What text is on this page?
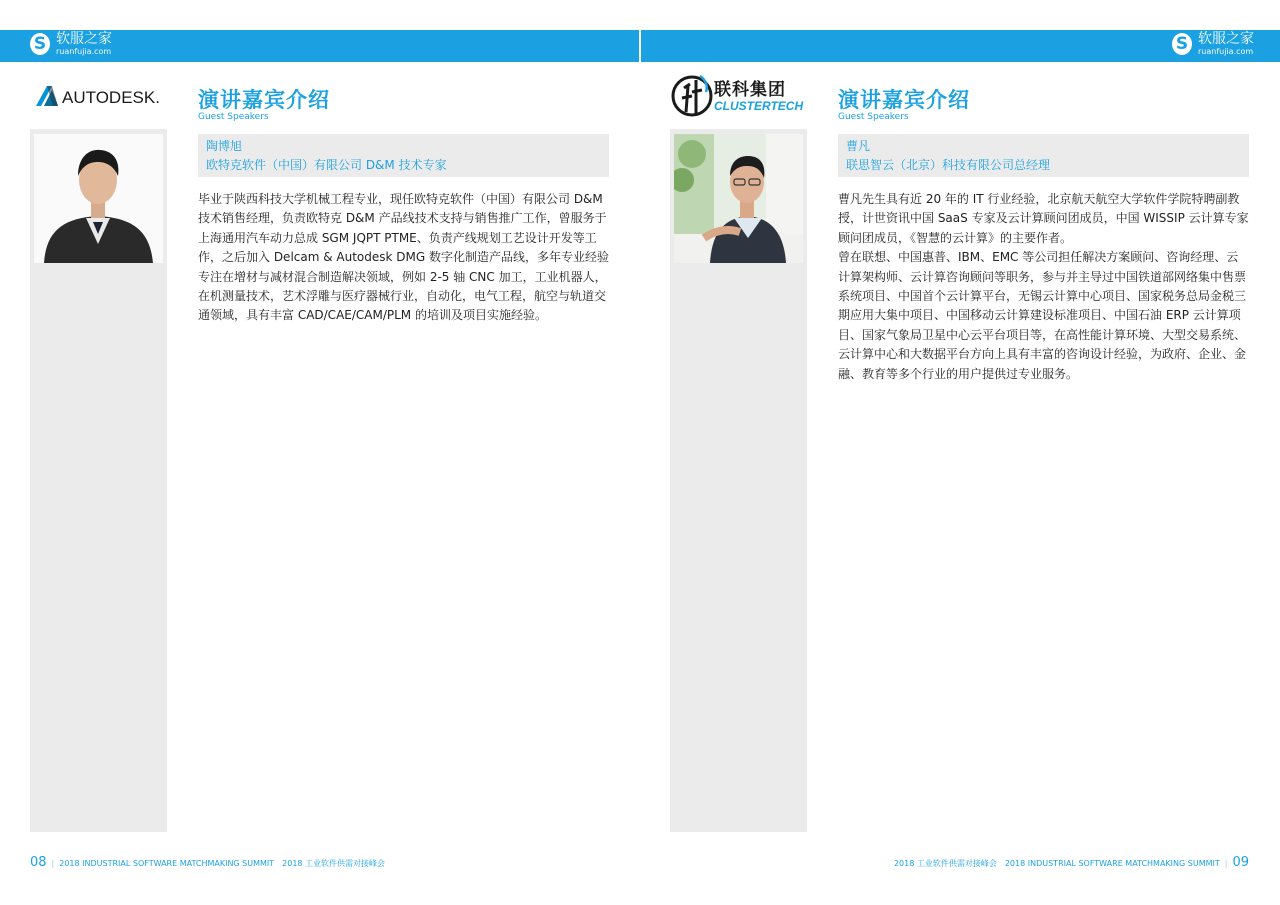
S 软服之家
ruanfujia.com	S 软服之家
ruanfujia.com
AUTODESK. 演讲嘉宾介绍
Guest Speakers
陶博旭
欧特克软件（中国）有限公司 D&M 技术专家

毕业于陕西科技大学机械工程专业，现任欧特克软件（中国）有限公司 D&M 技术销售经理，负责欧特克 D&M 产品线技术支持与销售推广工作，曾服务于上海通用汽车动力总成 SGM JQPT PTME、负责产线规划工艺设计开发等工作，之后加入 Delcam & Autodesk DMG 数字化制造产品线，多年专业经验专注在增材与减材混合制造解决领域，例如 2-5 轴 CNC 加工，工业机器人，在机测量技术，艺术浮雕与医疗器械行业，自动化，电气工程，航空与轨道交通领域，具有丰富 CAD/CAE/CAM/PLM 的培训及项目实施经验。

08 | 2018 INDUSTRIAL SOFTWARE MATCHMAKING SUMMIT 2018 工业软件供需对接峰会
联科集团
CLUSTERTECH 演讲嘉宾介绍
Guest Speakers
曹凡
联思智云（北京）科技有限公司总经理

曹凡先生具有近 20 年的 IT 行业经验，北京航天航空大学软件学院特聘副教授，计世资讯中国 SaaS 专家及云计算顾问团成员，中国 WISSIP 云计算专家顾问团成员，《智慧的云计算》的主要作者。

曾在联想、中国惠普、IBM、EMC 等公司担任解决方案顾问、咨询经理、云计算架构师、云计算咨询顾问等职务，参与并主导过中国铁道部网络集中售票系统项目、中国首个云计算平台，无锡云计算中心项目、国家税务总局金税三期应用大集中项目、中国移动云计算建设标准项目、中国石油 ERP 云计算项目、国家气象局卫星中心云平台项目等，在高性能计算环境、大型交易系统、云计算中心和大数据平台方向上具有丰富的咨询设计经验，为政府、企业、金融、教育等多个行业的用户提供过专业服务。

2018 工业软件供需对接峰会 2018 INDUSTRIAL SOFTWARE MATCHMAKING SUMMIT | 09
